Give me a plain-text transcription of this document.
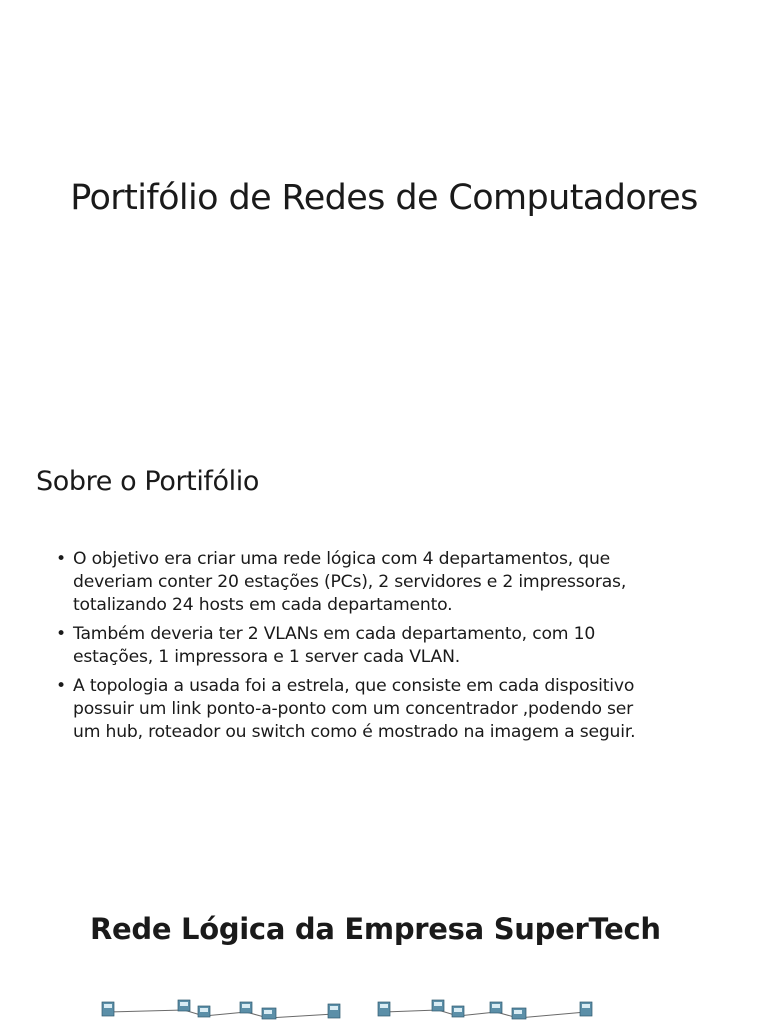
Portifólio de Redes de Computadores
Sobre o Portifólio
• O objetivo era criar uma rede lógica com 4 departamentos, que
deveriam conter 20 estações (PCs), 2 servidores e 2 impressoras,
totalizando 24 hosts em cada departamento.
• Também deveria ter 2 VLANs em cada departamento, com 10
estações, 1 impressora e 1 server cada VLAN.
• A topologia a usada foi a estrela, que consiste em cada dispositivo
possuir um link ponto-a-ponto com um concentrador ,podendo ser
um hub, roteador ou switch como é mostrado na imagem a seguir.
Rede Lógica da Empresa SuperTech
